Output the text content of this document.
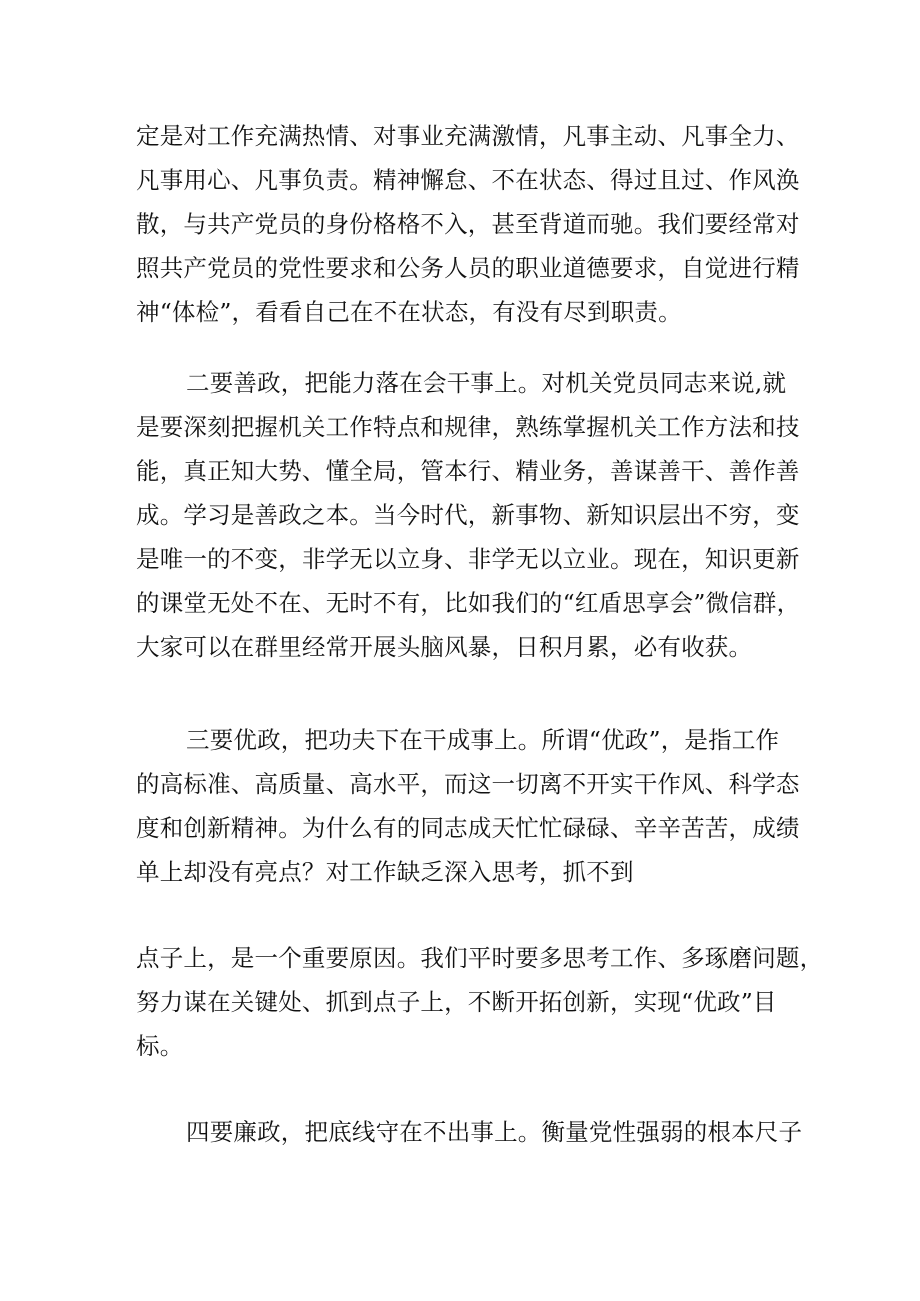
定是对工作充满热情、对事业充满激情，凡事主动、凡事全力、
凡事用心、凡事负责。精神懈怠、不在状态、得过且过、作风涣
散，与共产党员的身份格格不入，甚至背道而驰。我们要经常对
照共产党员的党性要求和公务人员的职业道德要求，自觉进行精
神“体检”，看看自己在不在状态，有没有尽到职责。
二要善政，把能力落在会干事上。对机关党员同志来说,就
是要深刻把握机关工作特点和规律，熟练掌握机关工作方法和技
能，真正知大势、懂全局，管本行、精业务，善谋善干、善作善
成。学习是善政之本。当今时代，新事物、新知识层出不穷，变
是唯一的不变，非学无以立身、非学无以立业。现在，知识更新
的课堂无处不在、无时不有，比如我们的“红盾思享会”微信群，
大家可以在群里经常开展头脑风暴，日积月累，必有收获。
三要优政，把功夫下在干成事上。所谓“优政”，是指工作
的高标准、高质量、高水平，而这一切离不开实干作风、科学态
度和创新精神。为什么有的同志成天忙忙碌碌、辛辛苦苦，成绩
单上却没有亮点？对工作缺乏深入思考，抓不到
点子上，是一个重要原因。我们平时要多思考工作、多琢磨问题，
努力谋在关键处、抓到点子上，不断开拓创新，实现“优政”目
标。
四要廉政，把底线守在不出事上。衡量党性强弱的根本尺子
